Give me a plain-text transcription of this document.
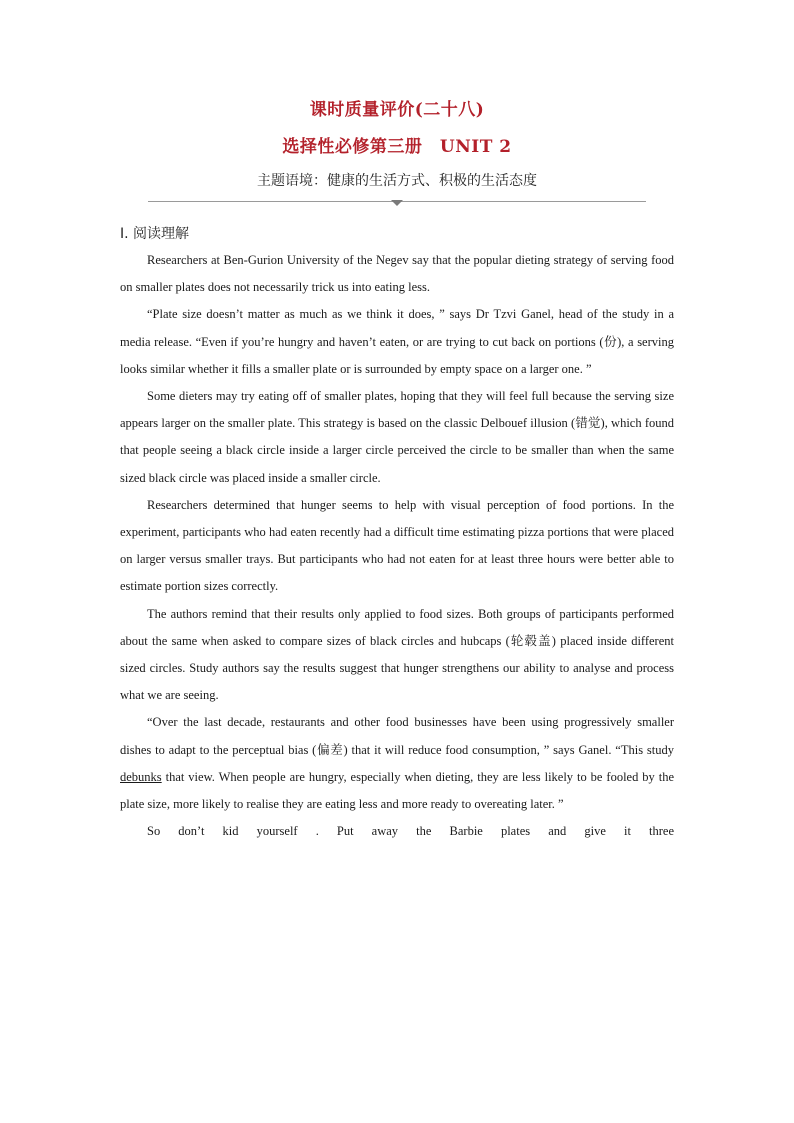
课时质量评价(二十八)
选择性必修第三册　UNIT 2
主题语境：健康的生活方式、积极的生活态度
Ⅰ. 阅读理解

Researchers at Ben-Gurion University of the Negev say that the popular dieting strategy of serving food on smaller plates does not necessarily trick us into eating less.

“Plate size doesn’t matter as much as we think it does, ” says Dr Tzvi Ganel, head of the study in a media release. “Even if you’re hungry and haven’t eaten, or are trying to cut back on portions (份), a serving looks similar whether it fills a smaller plate or is surrounded by empty space on a larger one. ”

Some dieters may try eating off of smaller plates, hoping that they will feel full because the serving size appears larger on the smaller plate. This strategy is based on the classic Delbouef illusion (错觉), which found that people seeing a black circle inside a larger circle perceived the circle to be smaller than when the same sized black circle was placed inside a smaller circle.

Researchers determined that hunger seems to help with visual perception of food portions. In the experiment, participants who had eaten recently had a difficult time estimating pizza portions that were placed on larger versus smaller trays. But participants who had not eaten for at least three hours were better able to estimate portion sizes correctly.

The authors remind that their results only applied to food sizes. Both groups of participants performed about the same when asked to compare sizes of black circles and hubcaps (轮毂盖) placed inside different sized circles. Study authors say the results suggest that hunger strengthens our ability to analyse and process what we are seeing.

“Over the last decade, restaurants and other food businesses have been using progressively smaller dishes to adapt to the perceptual bias (偏差) that it will reduce food consumption, ” says Ganel. “This study debunks that view. When people are hungry, especially when dieting, they are less likely to be fooled by the plate size, more likely to realise they are eating less and more ready to overeating later. ”

So don’t kid yourself . Put away the Barbie plates and give it three
